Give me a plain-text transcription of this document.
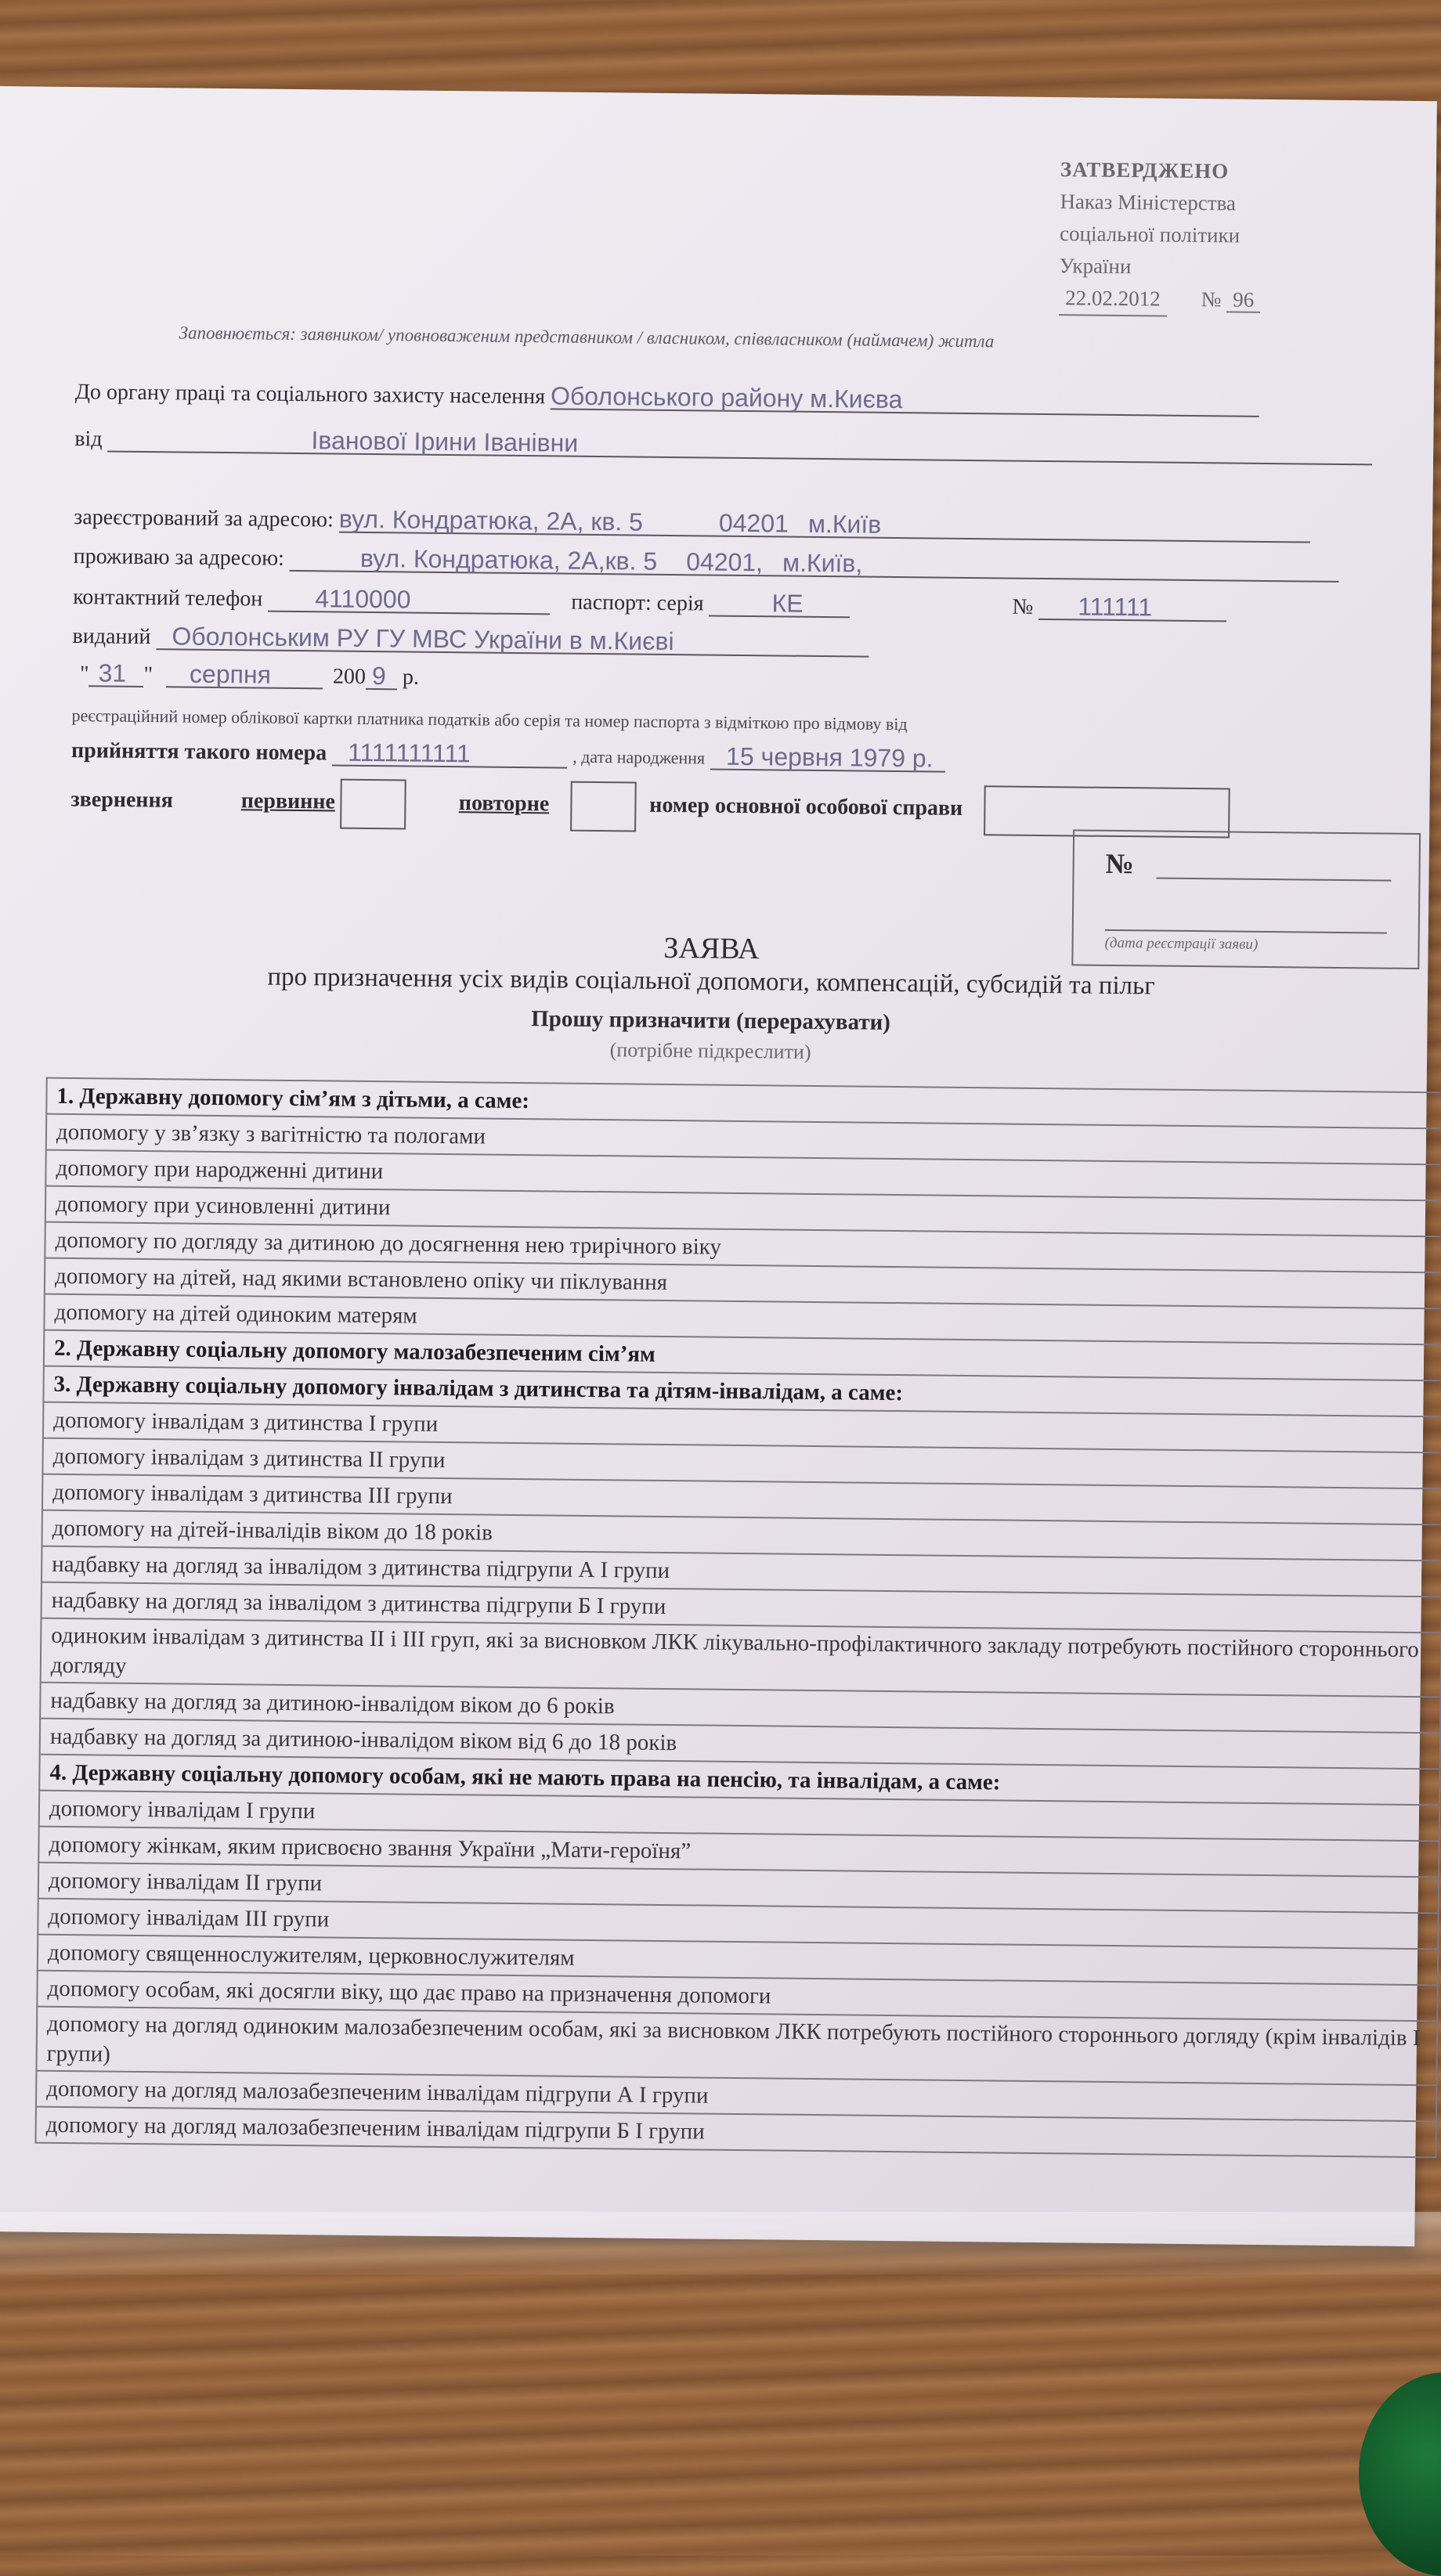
ЗАТВЕРДЖЕНО
Наказ Міністерства
соціальної політики
України
22.02.2012 № 96
Заповнюється: заявником/ уповноваженим представником / власником, співвласником (наймачем) житла
До органу праці та соціального захисту населення Оболонського району м.Києва
від	Іванової Ірини Іванівни
зареєстрований за адресою: вул. Кондратюка, 2А, кв. 5	04201 м.Київ
проживаю за адресою:	вул. Кондратюка, 2А,кв. 5 04201, м.Київ,
контактний телефон 4110000	паспорт: серія	КЕ	№ 111111
виданий Оболонським РУ ГУ МВС України в м.Києві
" 31 " серпня	200 9 р.
реєстраційний номер облікової картки платника податків або серія та номер паспорта з відміткою про відмову від
прийняття такого номера 1111111111	, дата народження 15 червня 1979 р.
звернення	первинне	повторне	номер основної особової справи
№
(дата реєстрації заяви)
ЗАЯВА
про призначення усіх видів соціальної допомоги, компенсацій, субсидій та пільг
Прошу призначити (перерахувати)
(потрібне підкреслити)
1. Державну допомогу сім’ям з дітьми, а саме:
допомогу у зв’язку з вагітністю та пологами
допомогу при народженні дитини
допомогу при усиновленні дитини
допомогу по догляду за дитиною до досягнення нею трирічного віку
допомогу на дітей, над якими встановлено опіку чи піклування
допомогу на дітей одиноким матерям
2. Державну соціальну допомогу малозабезпеченим сім’ям
3. Державну соціальну допомогу інвалідам з дитинства та дітям-інвалідам, а саме:
допомогу інвалідам з дитинства І групи
допомогу інвалідам з дитинства ІІ групи
допомогу інвалідам з дитинства ІІІ групи
допомогу на дітей-інвалідів віком до 18 років
надбавку на догляд за інвалідом з дитинства підгрупи А І групи
надбавку на догляд за інвалідом з дитинства підгрупи Б І групи
одиноким інвалідам з дитинства ІІ і ІІІ груп, які за висновком ЛКК лікувально-профілактичного закладу потребують постійного стороннього догляду
надбавку на догляд за дитиною-інвалідом віком до 6 років
надбавку на догляд за дитиною-інвалідом віком від 6 до 18 років
4. Державну соціальну допомогу особам, які не мають права на пенсію, та інвалідам, а саме:
допомогу інвалідам І групи
допомогу жінкам, яким присвоєно звання України „Мати-героїня”
допомогу інвалідам ІІ групи
допомогу інвалідам ІІІ групи
допомогу священнослужителям, церковнослужителям
допомогу особам, які досягли віку, що дає право на призначення допомоги
допомогу на догляд одиноким малозабезпеченим особам, які за висновком ЛКК потребують постійного стороннього догляду (крім інвалідів І групи)
допомогу на догляд малозабезпеченим інвалідам підгрупи А І групи
допомогу на догляд малозабезпеченим інвалідам підгрупи Б І групи
